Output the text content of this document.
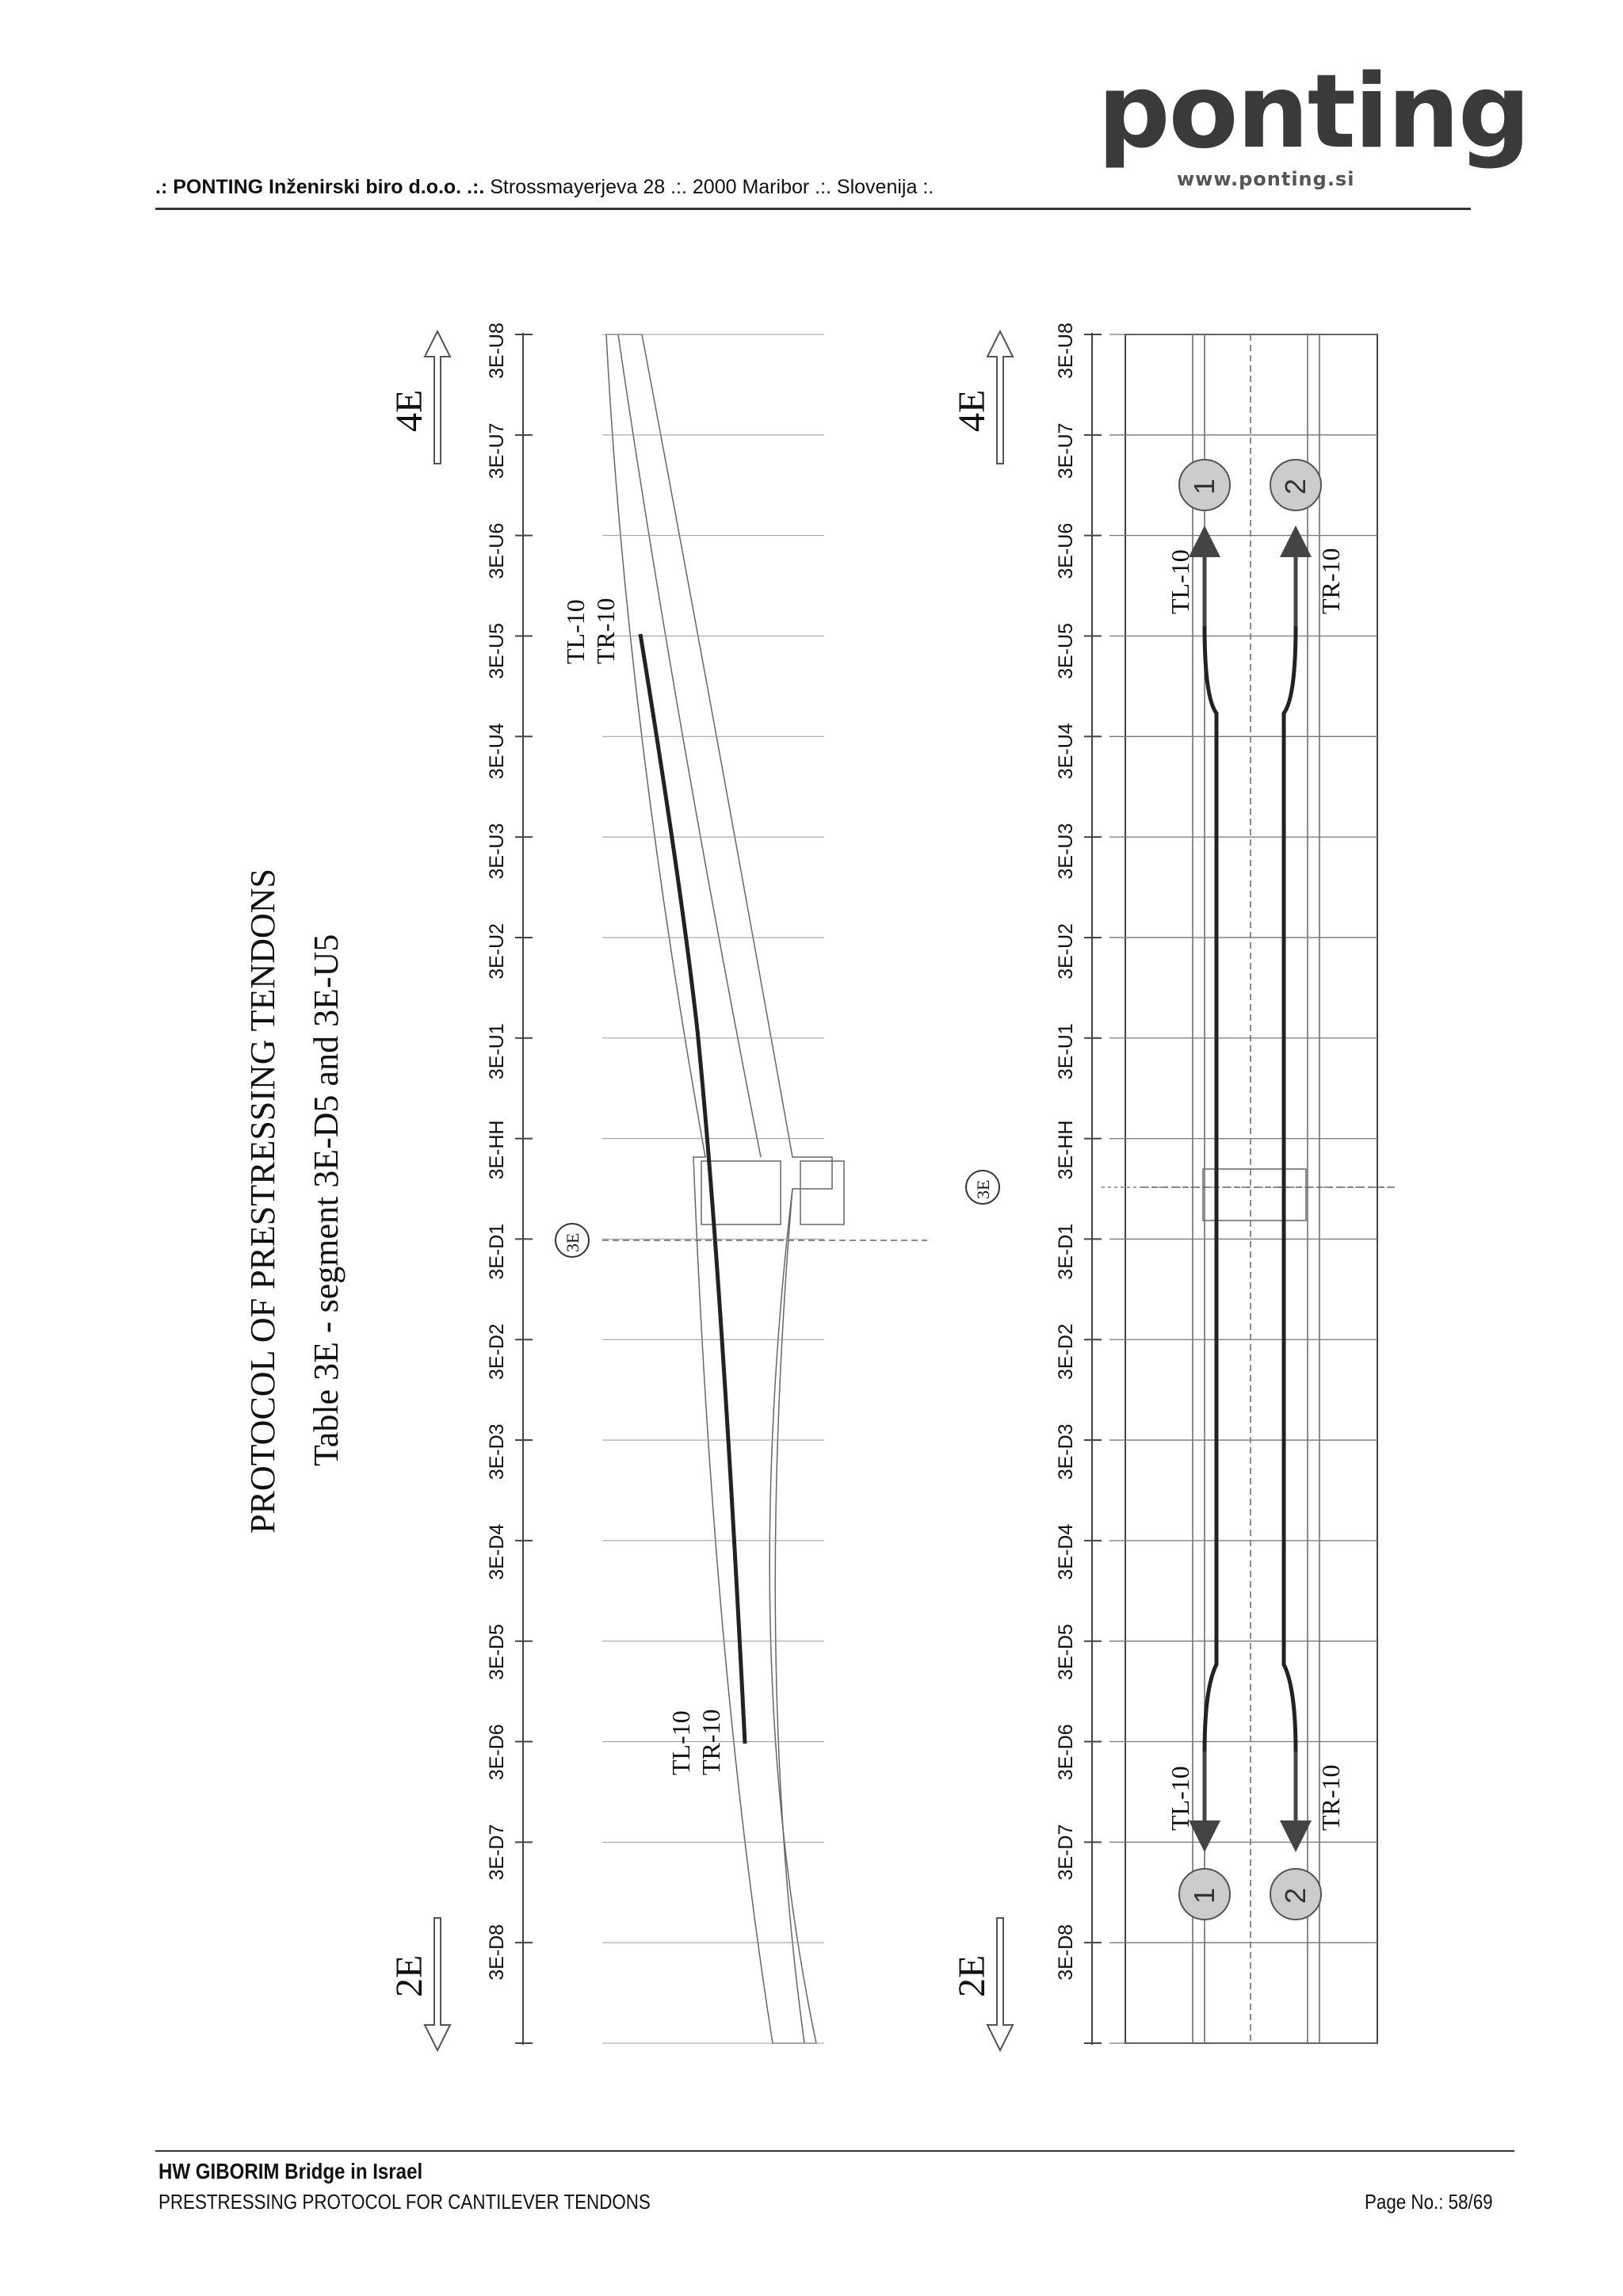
.: PONTING Inženirski biro d.o.o. .:. Strossmayerjeva 28 .:. 2000 Maribor .:. Slovenija :.
ponting
www.ponting.si
PROTOCOL OF PRESTRESSING TENDONS Table 3E - segment 3E-D5 and 3E-U5
4E
2E
4E
2E
3E-U8	3E-U8
3E-U7	3E-U7
3E-U6	3E-U6
3E-U5	3E-U5
3E-U4	3E-U4
3E-U3	3E-U3
3E-U2	3E-U2
3E-U1	3E-U1
3E-HH	3E-HH
3E-D1	3E-D1
3E-D2	3E-D2
3E-D3	3E-D3
3E-D4	3E-D4
3E-D5	3E-D5
3E-D6	3E-D6
3E-D7	3E-D7
3E-D8	3E-D8
3E
TL-10 TR-10
TL-10 TR-10
3E
1 2
1 2
TL-10	TR-10
TL-10	TR-10
HW GIBORIM Bridge in Israel
PRESTRESSING PROTOCOL FOR CANTILEVER TENDONS	Page No.: 58/69
